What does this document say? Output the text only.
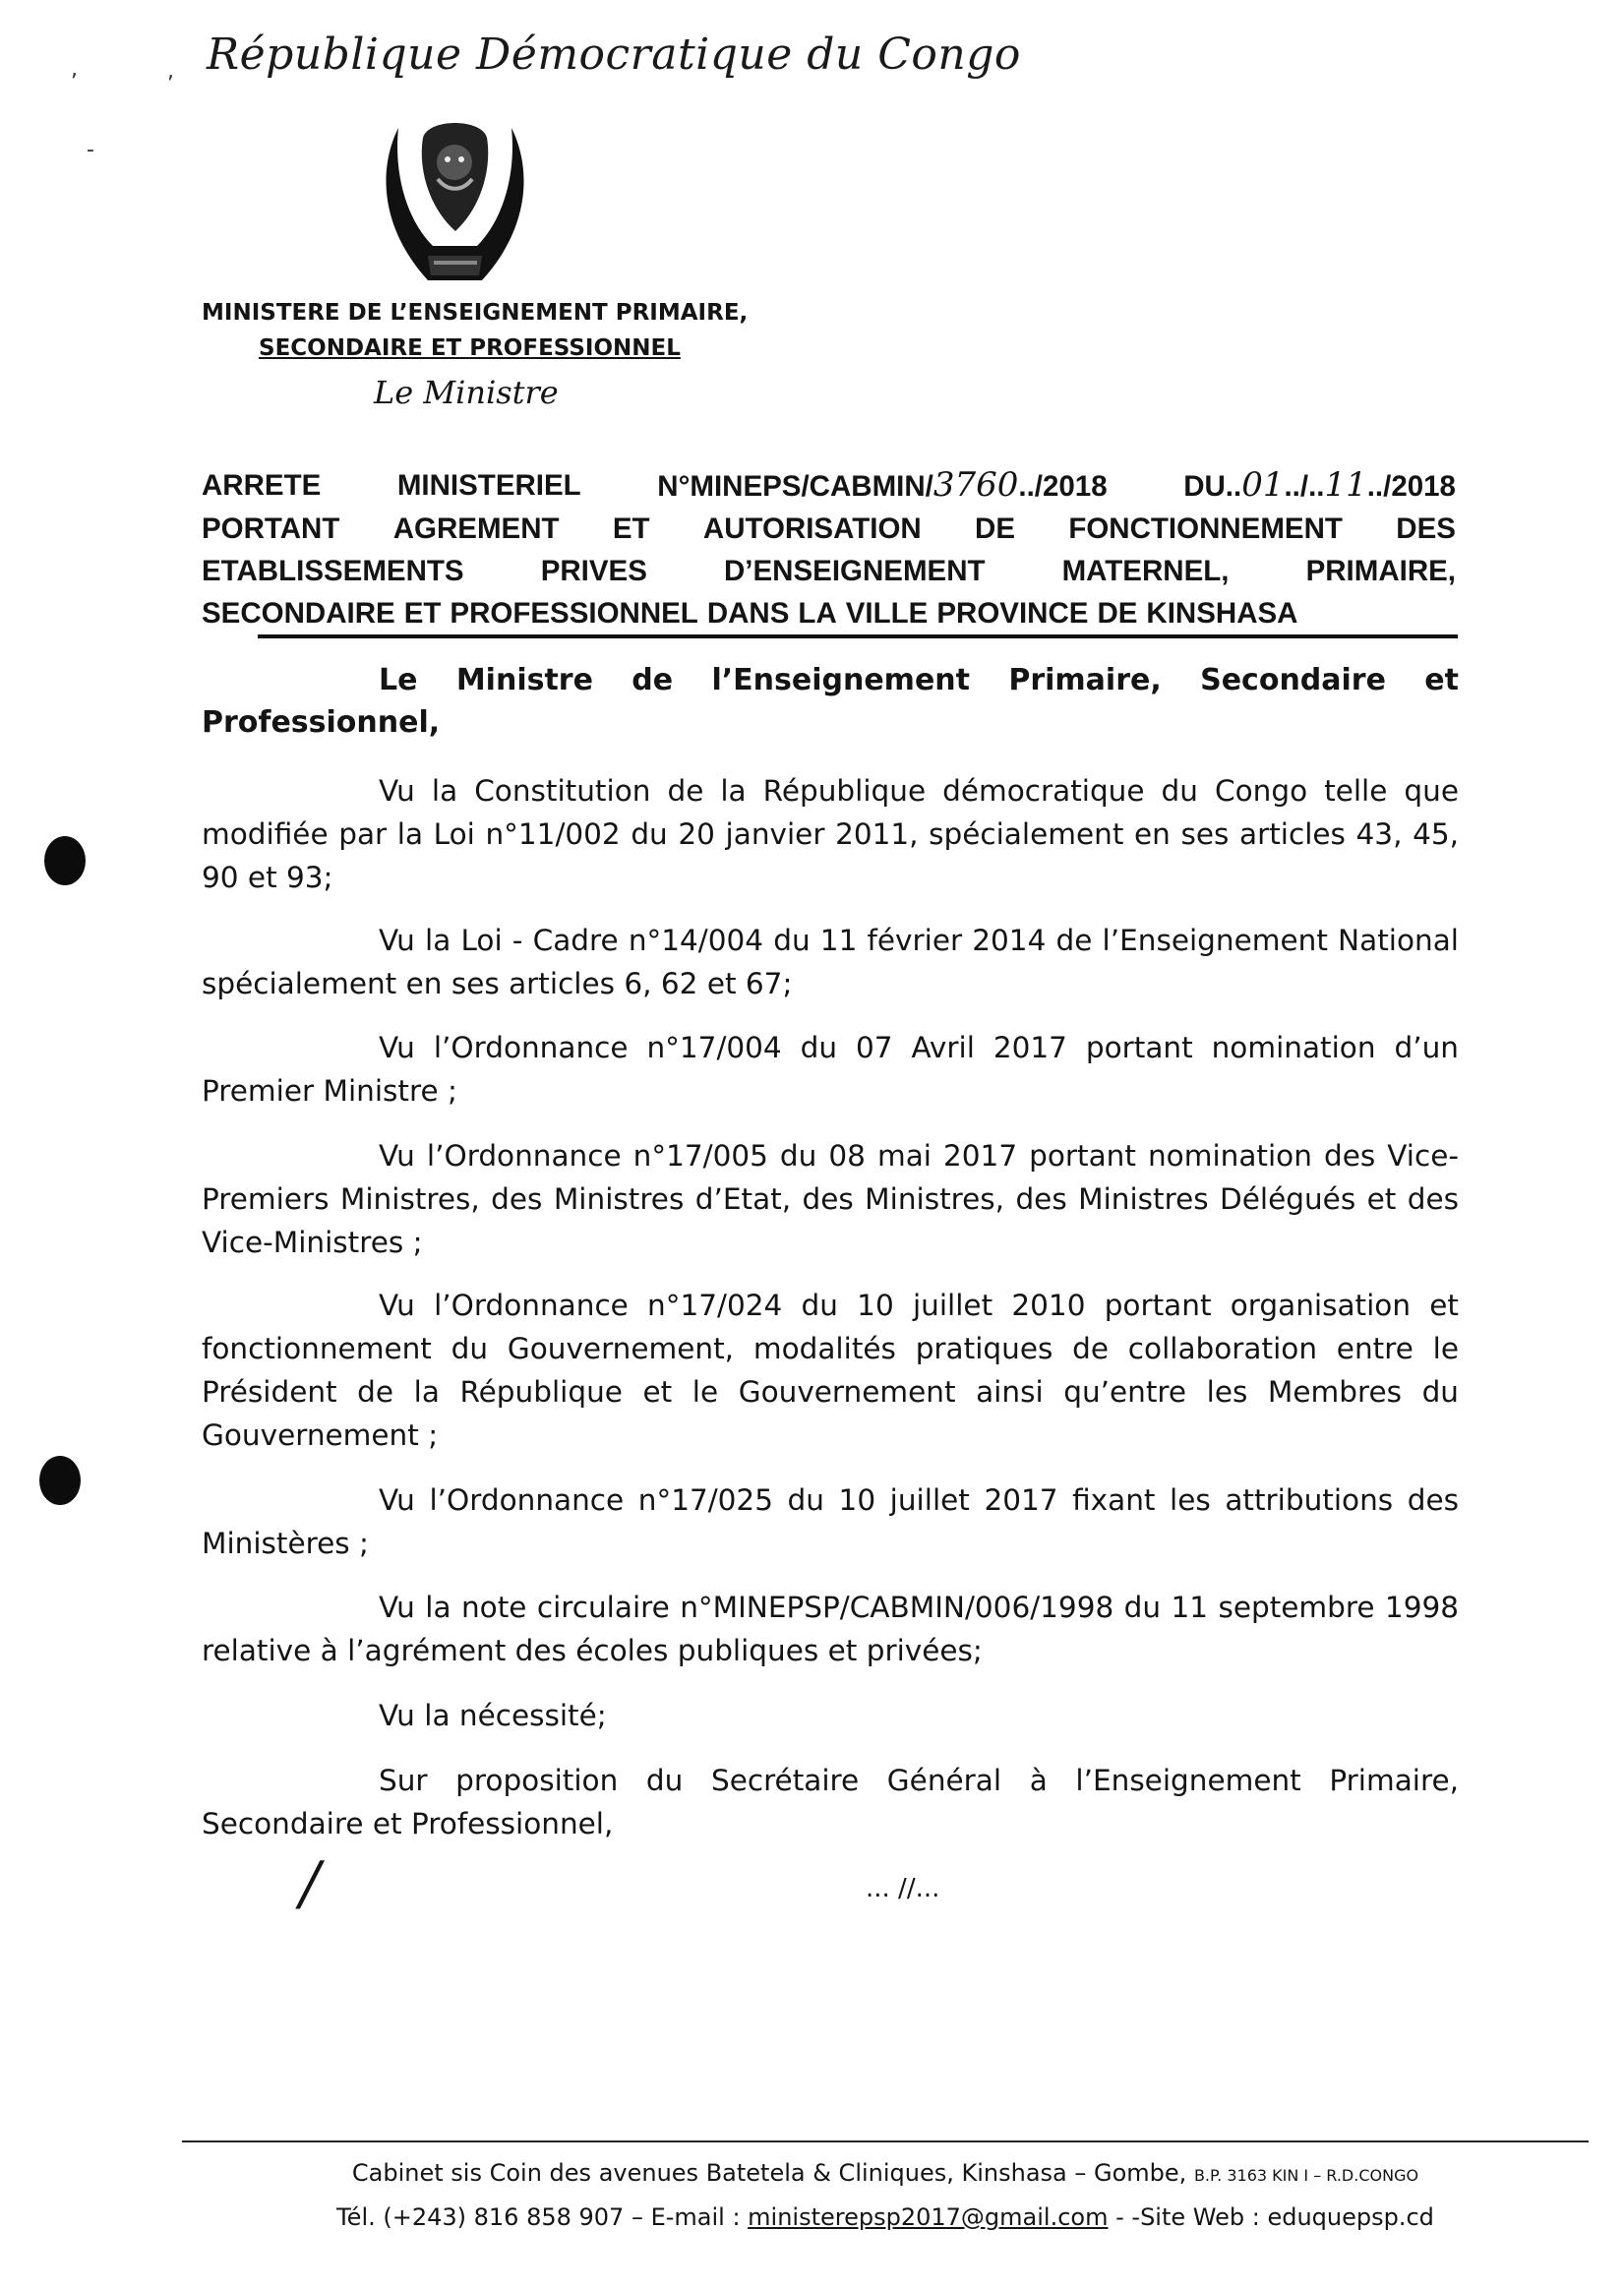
,	,
-
République Démocratique du Congo
MINISTERE DE L’ENSEIGNEMENT PRIMAIRE,
SECONDAIRE ET PROFESSIONNEL
Le Ministre
ARRETE	MINISTERIEL	N°MINEPS/CABMIN/3760../2018	DU..01../..11../2018
PORTANT AGREMENT ET AUTORISATION DE FONCTIONNEMENT DES
ETABLISSEMENTS	PRIVES	D’ENSEIGNEMENT	MATERNEL,	PRIMAIRE,
SECONDAIRE ET PROFESSIONNEL DANS LA VILLE PROVINCE DE KINSHASA
Le Ministre de l’Enseignement Primaire, Secondaire et Professionnel,

Vu la Constitution de la République démocratique du Congo telle que modifiée par la Loi n°11/002 du 20 janvier 2011, spécialement en ses articles 43, 45, 90 et 93;

Vu la Loi - Cadre n°14/004 du 11 février 2014 de l’Enseignement National spécialement en ses articles 6, 62 et 67;

Vu l’Ordonnance n°17/004 du 07 Avril 2017 portant nomination d’un Premier Ministre ;

Vu l’Ordonnance n°17/005 du 08 mai 2017 portant nomination des Vice-Premiers Ministres, des Ministres d’Etat, des Ministres, des Ministres Délégués et des Vice-Ministres ;

Vu l’Ordonnance n°17/024 du 10 juillet 2010 portant organisation et fonctionnement du Gouvernement, modalités pratiques de collaboration entre le Président de la République et le Gouvernement ainsi qu’entre les Membres du Gouvernement ;

Vu l’Ordonnance n°17/025 du 10 juillet 2017 fixant les attributions des Ministères ;

Vu la note circulaire n°MINEPSP/CABMIN/006/1998 du 11 septembre 1998 relative à l’agrément des écoles publiques et privées;

Vu la nécessité;

Sur proposition du Secrétaire Général à l’Enseignement Primaire, Secondaire et Professionnel,

/	... //...
Cabinet sis Coin des avenues Batetela & Cliniques, Kinshasa – Gombe, B.P. 3163 KIN I – R.D.CONGO
Tél. (+243) 816 858 907 – E-mail : ministerepsp2017@gmail.com - -Site Web : eduquepsp.cd
